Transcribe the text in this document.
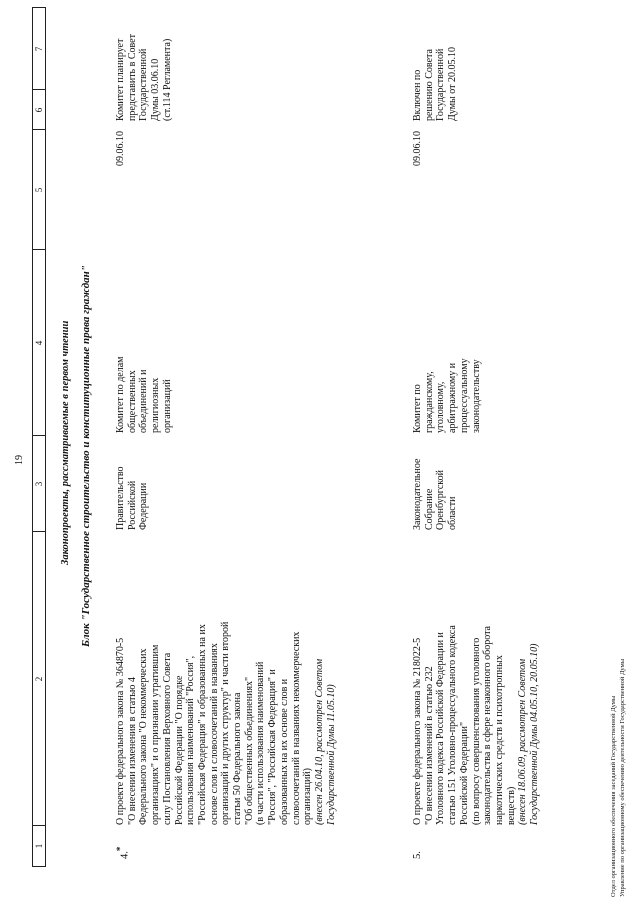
19
1
2
3
4
5
6
7
Законопроекты, рассматриваемые в первом чтении Блок "Государственное строительство и конституционные права граждан"
4.*
О проекте федерального закона № 364870-5 "О внесении изменения в статью 4
Федерального закона "О некоммерческих
организациях" и о признании утратившим
силу Постановления Верховного Совета
Российской Федерации "О порядке
использования наименований "Россия",
"Российская Федерация" и образованных на их
основе слов и словосочетаний в названиях
организаций и других структур" и части второй
статьи 50 Федерального закона
"Об общественных объединениях"
(в части использования наименований
"Россия", "Российская Федерация" и
образованных на их основе слов и
словосочетаний в названиях некоммерческих
организаций) (внесен 26.04.10, рассмотрен Советом
Государственной Думы 11.05.10)
Правительство
Российской
Федерации
Комитет по делам
общественных
объединений и
религиозных
организаций
09.06.10
Комитет планирует
представить в Совет
Государственной
Думы 03.06.10
(ст.114 Регламента)
5.
О проекте федерального закона № 218022-5 "О внесении изменений в статью 232
Уголовного кодекса Российской Федерации и
статью 151 Уголовно-процессуального кодекса
Российской Федерации"
(по вопросу совершенствования уголовного
законодательства в сфере незаконного оборота
наркотических средств и психотропных
веществ) (внесен 18.06.09, рассмотрен Советом
Государственной Думы 04.05.10, 20.05.10)
Законодательное
Собрание
Оренбургской
области
Комитет по
гражданскому,
уголовному,
арбитражному и
процессуальному
законодательству
09.06.10
Включен по
решению Совета
Государственной
Думы от 20.05.10
Отдел организационного обеспечения заседаний Государственной Думы Управление по организационному обеспечению деятельности Государственной Думы
